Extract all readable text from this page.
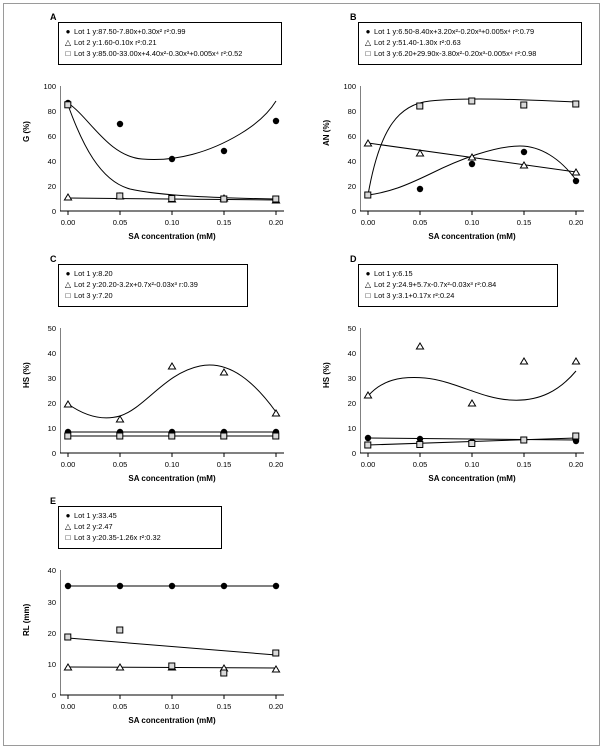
A
● Lot 1 y:87.50-7.80x+0.30x² r²:0.99
△ Lot 2 y:1.60-0.10x r²:0.21
□ Lot 3 y:85.00-33.00x+4.40x²-0.30x³+0.005x⁴ r²:0.52
G (%)
100
80
60
40
20
0
0.00	0.05	0.10	0.15	0.20
SA concentration (mM)
B
● Lot 1 y:6.50-8.40x+3.20x²-0.20x³+0.005x⁴ r²:0.79
△ Lot 2 y:51.40-1.30x r²:0.63
□ Lot 3 y:6.20+29.90x-3.80x²-0.20x³-0.005x⁴ r²:0.98
AN (%)
100
80
60
40
20
0
0.00	0.05	0.10	0.15	0.20
SA concentration (mM)
C
● Lot 1 y:8.20
△ Lot 2 y:20.20-3.2x+0.7x²-0.03x³ r:0.39
□ Lot 3 y:7.20
HS (%)
50
40
30
20
10
0
0.00	0.05	0.10	0.15	0.20
SA concentration (mM)
D
● Lot 1 y:6.15
△ Lot 2 y:24.9+5.7x-0.7x²-0.03x³ r²:0.84
□ Lot 3 y:3.1+0.17x r²:0.24
HS (%)
50
40
30
20
10
0
0.00	0.05	0.10	0.15	0.20
SA concentration (mM)
E
● Lot 1 y:33.45
△ Lot 2 y:2.47
□ Lot 3 y:20.35-1.26x r²:0.32
RL (mm)
40
30
20
10
0
0.00	0.05	0.10	0.15	0.20
SA concentration (mM)
